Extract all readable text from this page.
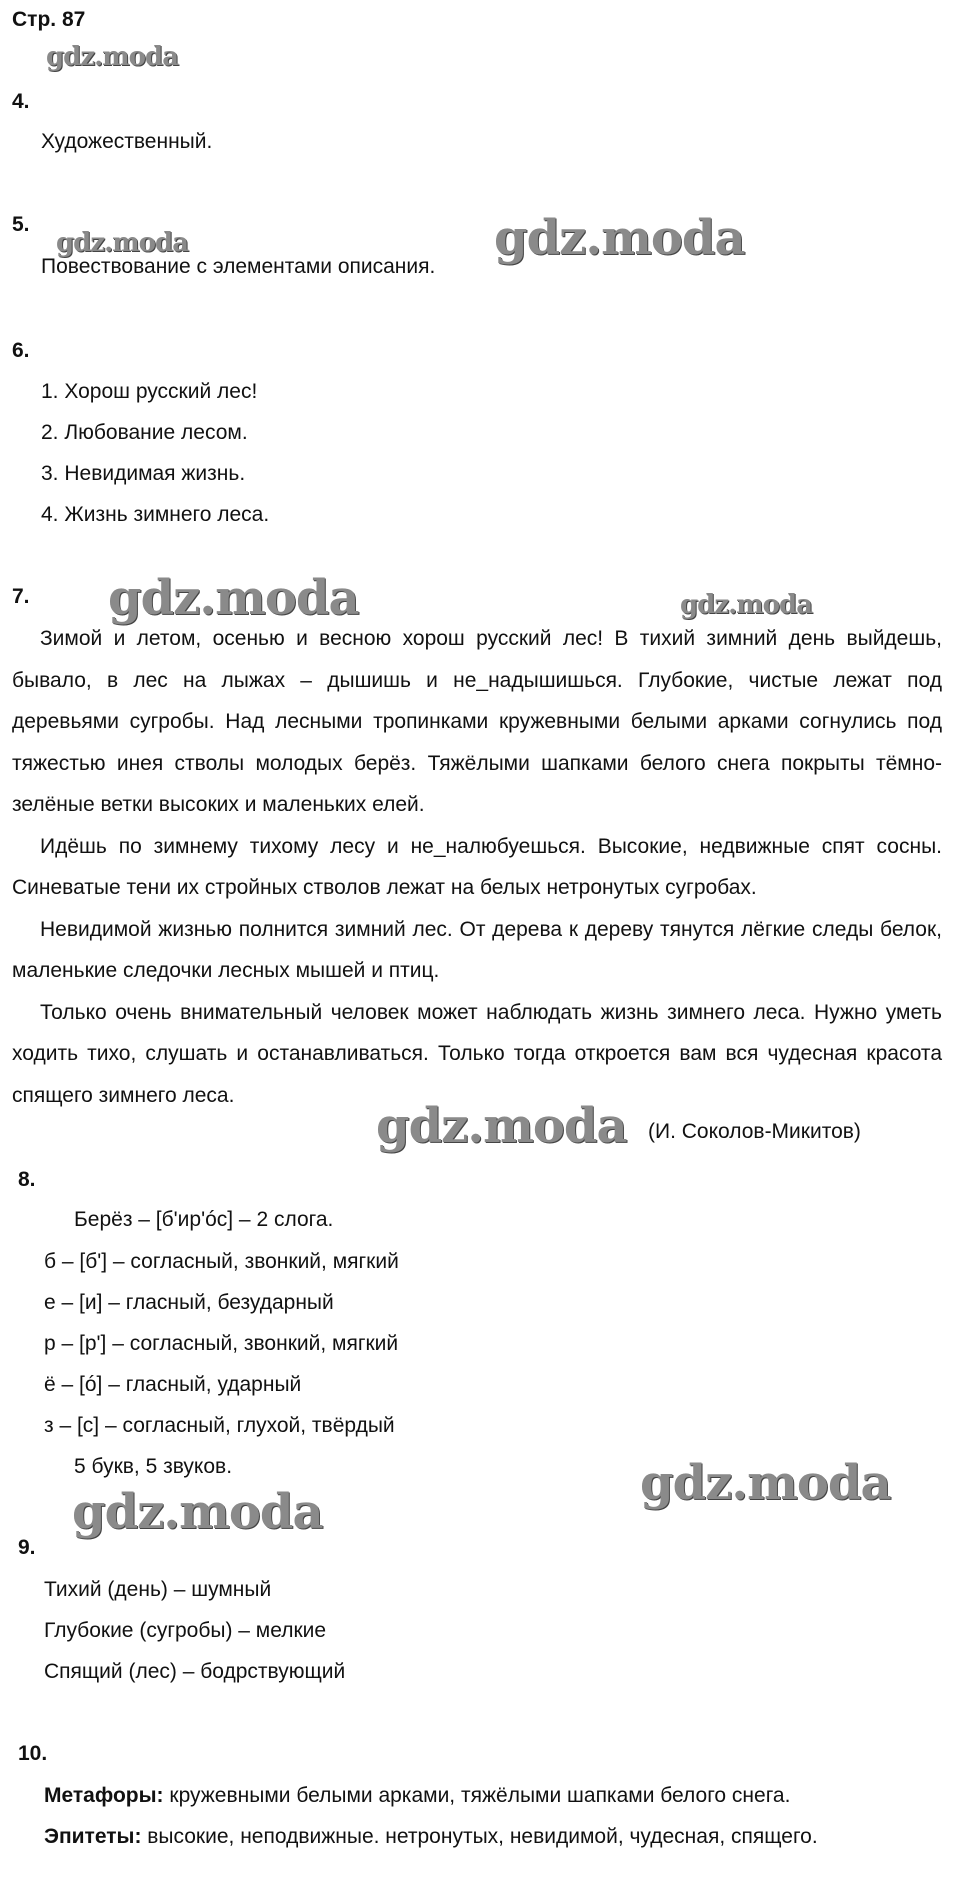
Стр. 87
gdz.moda
4.
Художественный.
5.
gdz.moda
Повествование с элементами описания.
gdz.moda
6.
1. Хорош русский лес!
2. Любование лесом.
3. Невидимая жизнь.
4. Жизнь зимнего леса.
7. gdz.moda	gdz.moda

Зимой и летом, осенью и весною хорош русский лес! В тихий зимний день выйдешь, бывало, в лес на лыжах – дышишь и не_надышишься. Глубокие, чистые лежат под деревьями сугробы. Над лесными тропинками кружевными белыми арками согнулись под тяжестью инея стволы молодых берёз. Тяжёлыми шапками белого снега покрыты тёмно-зелёные ветки высоких и маленьких елей.

Идёшь по зимнему тихому лесу и не_налюбуешься. Высокие, недвижные спят сосны. Синеватые тени их стройных стволов лежат на белых нетронутых сугробах.

Невидимой жизнью полнится зимний лес. От дерева к дереву тянутся лёгкие следы белок, маленькие следочки лесных мышей и птиц.

Только очень внимательный человек может наблюдать жизнь зимнего леса. Нужно уметь ходить тихо, слушать и останавливаться. Только тогда откроется вам вся чудесная красота спящего зимнего леса.

gdz.moda (И. Соколов-Микитов)
8.
Берёз – [б'ир'óс] – 2 слога.
б – [б'] – согласный, звонкий, мягкий
е – [и] – гласный, безударный
р – [р'] – согласный, звонкий, мягкий
ё – [ó] – гласный, ударный
з – [с] – согласный, глухой, твёрдый
5 букв, 5 звуков.	gdz.moda
gdz.moda
9.
Тихий (день) – шумный
Глубокие (сугробы) – мелкие
Спящий (лес) – бодрствующий
10.
Метафоры: кружевными белыми арками, тяжёлыми шапками белого снега.
Эпитеты: высокие, неподвижные. нетронутых, невидимой, чудесная, спящего.
